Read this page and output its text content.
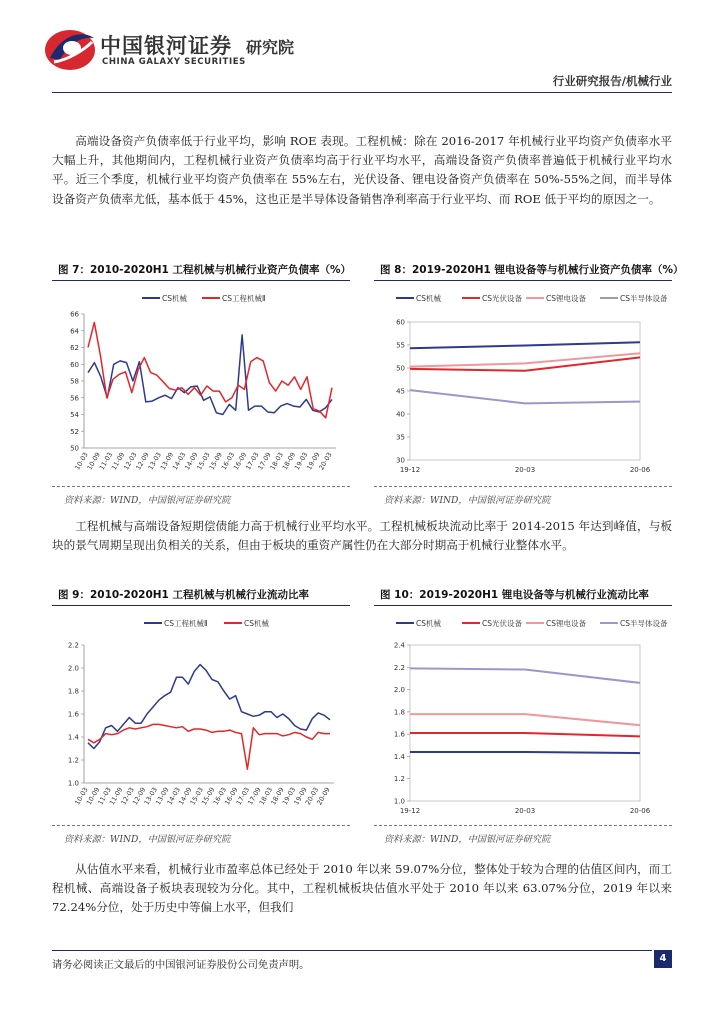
中国银河证券
CHINA GALAXY SECURITIES
研究院
行业研究报告/机械行业

高端设备资产负债率低于行业平均，影响 ROE 表现。工程机械：除在 2016-2017 年机械行业平均资产负债率水平大幅上升，其他期间内，工程机械行业资产负债率均高于行业平均水平，高端设备资产负债率普遍低于机械行业平均水平。近三个季度，机械行业平均资产负债率在 55%左右，光伏设备、锂电设备资产负债率在 50%-55%之间，而半导体设备资产负债率尤低，基本低于 45%，这也正是半导体设备销售净利率高于行业平均、而 ROE 低于平均的原因之一。

图 7：2010-2020H1 工程机械与机械行业资产负债率（%）
CS机械	CS工程机械Ⅱ
50
52
54
56
58
60
62
64
66
10-03
10-09
11-03
11-09
12-03
12-09
13-03
13-09
14-03
14-09
15-03
15-09
16-03
16-09
17-03
17-09
18-03
18-09
19-03
19-09
20-03
资料来源：WIND，中国银河证券研究院
图 8：2019-2020H1 锂电设备等与机械行业资产负债率（%）
CS机械	CS光伏设备	CS锂电设备	CS半导体设备
30
35
40
45
50
55
60
19-12	20-03	20-06
资料来源：WIND，中国银河证券研究院

工程机械与高端设备短期偿债能力高于机械行业平均水平。工程机械板块流动比率于 2014-2015 年达到峰值，与板块的景气周期呈现出负相关的关系，但由于板块的重资产属性仍在大部分时期高于机械行业整体水平。

图 9：2010-2020H1 工程机械与机械行业流动比率
CS工程机械Ⅱ	CS机械
1.0
1.2
1.4
1.6
1.8
2.0
2.2
10-03
10-09
11-03
11-09
12-03
12-09
13-03
13-09
14-03
14-09
15-03
15-09
16-03
16-09
17-03
17-09
18-03
18-09
19-03
19-09
20-03
20-09
资料来源：WIND，中国银河证券研究院
图 10：2019-2020H1 锂电设备等与机械行业流动比率
CS机械	CS光伏设备	CS锂电设备	CS半导体设备
1.0
1.2
1.4
1.6
1.8
2.0
2.2
2.4
19-12	20-03	20-06
资料来源：WIND，中国银河证券研究院

从估值水平来看，机械行业市盈率总体已经处于 2010 年以来 59.07%分位，整体处于较为合理的估值区间内，而工程机械、高端设备子板块表现较为分化。其中，工程机械板块估值水平处于 2010 年以来 63.07%分位，2019 年以来 72.24%分位，处于历史中等偏上水平，但我们

请务必阅读正文最后的中国银河证券股份公司免责声明。
4
